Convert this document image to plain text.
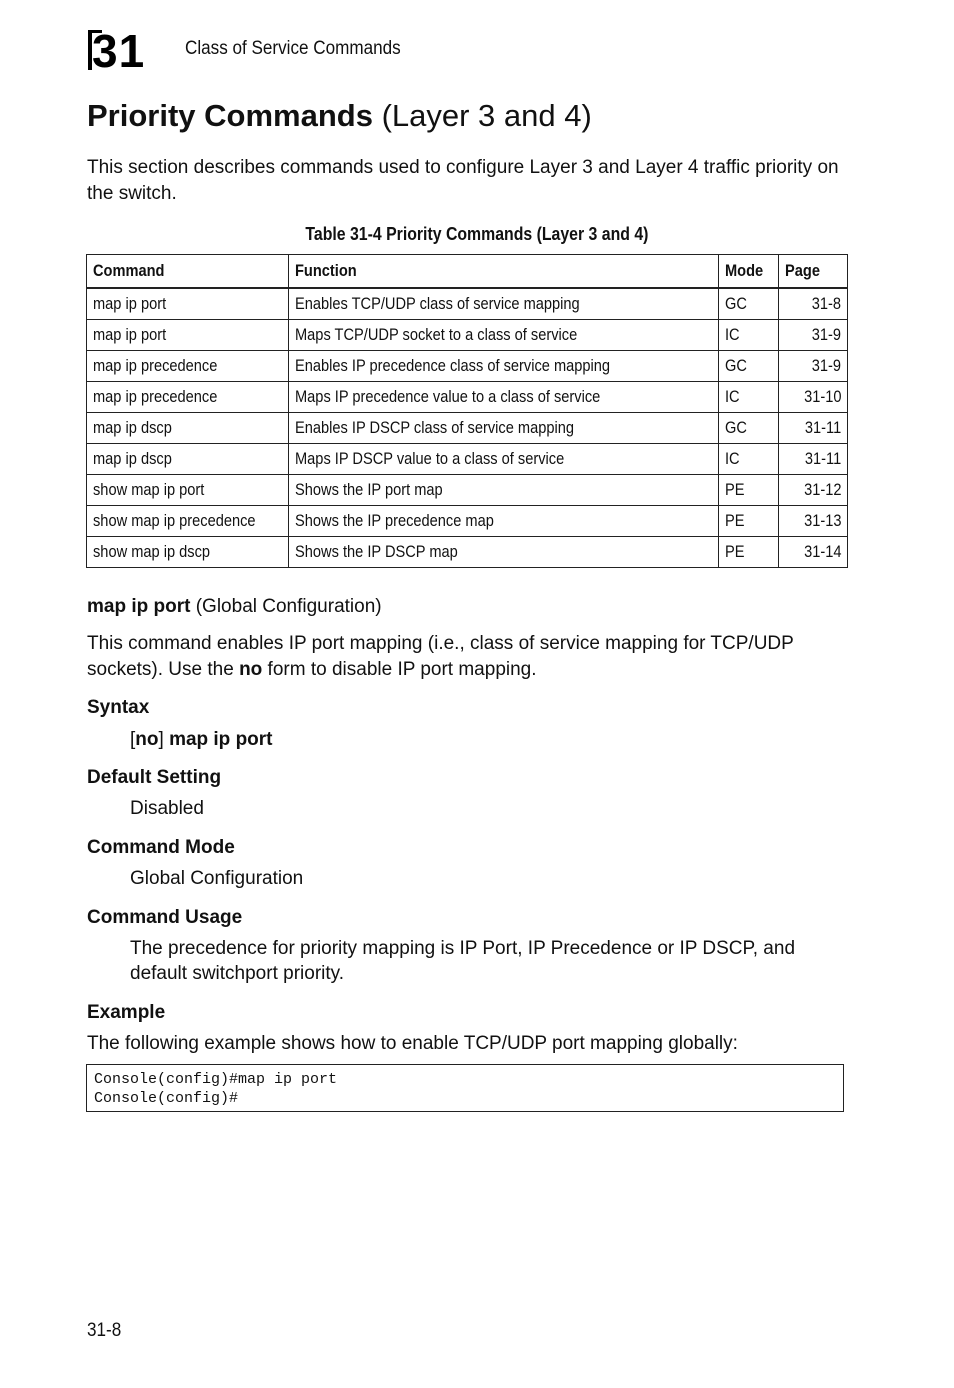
31 Class of Service Commands
Priority Commands (Layer 3 and 4)

This section describes commands used to configure Layer 3 and Layer 4 traffic priority on the switch.

Table 31-4 Priority Commands (Layer 3 and 4)
Command	Function	Mode	Page
map ip port	Enables TCP/UDP class of service mapping	GC	31-8
map ip port	Maps TCP/UDP socket to a class of service	IC	31-9
map ip precedence	Enables IP precedence class of service mapping	GC	31-9
map ip precedence	Maps IP precedence value to a class of service	IC	31-10
map ip dscp	Enables IP DSCP class of service mapping	GC	31-11
map ip dscp	Maps IP DSCP value to a class of service	IC	31-11
show map ip port	Shows the IP port map	PE	31-12
show map ip precedence	Shows the IP precedence map	PE	31-13
show map ip dscp	Shows the IP DSCP map	PE	31-14

map ip port (Global Configuration)

This command enables IP port mapping (i.e., class of service mapping for TCP/UDP sockets). Use the no form to disable IP port mapping.

Syntax

[no] map ip port

Default Setting

Disabled

Command Mode

Global Configuration

Command Usage

The precedence for priority mapping is IP Port, IP Precedence or IP DSCP, and default switchport priority.

Example

The following example shows how to enable TCP/UDP port mapping globally:

Console(config)#map ip port
Console(config)#
31-8
